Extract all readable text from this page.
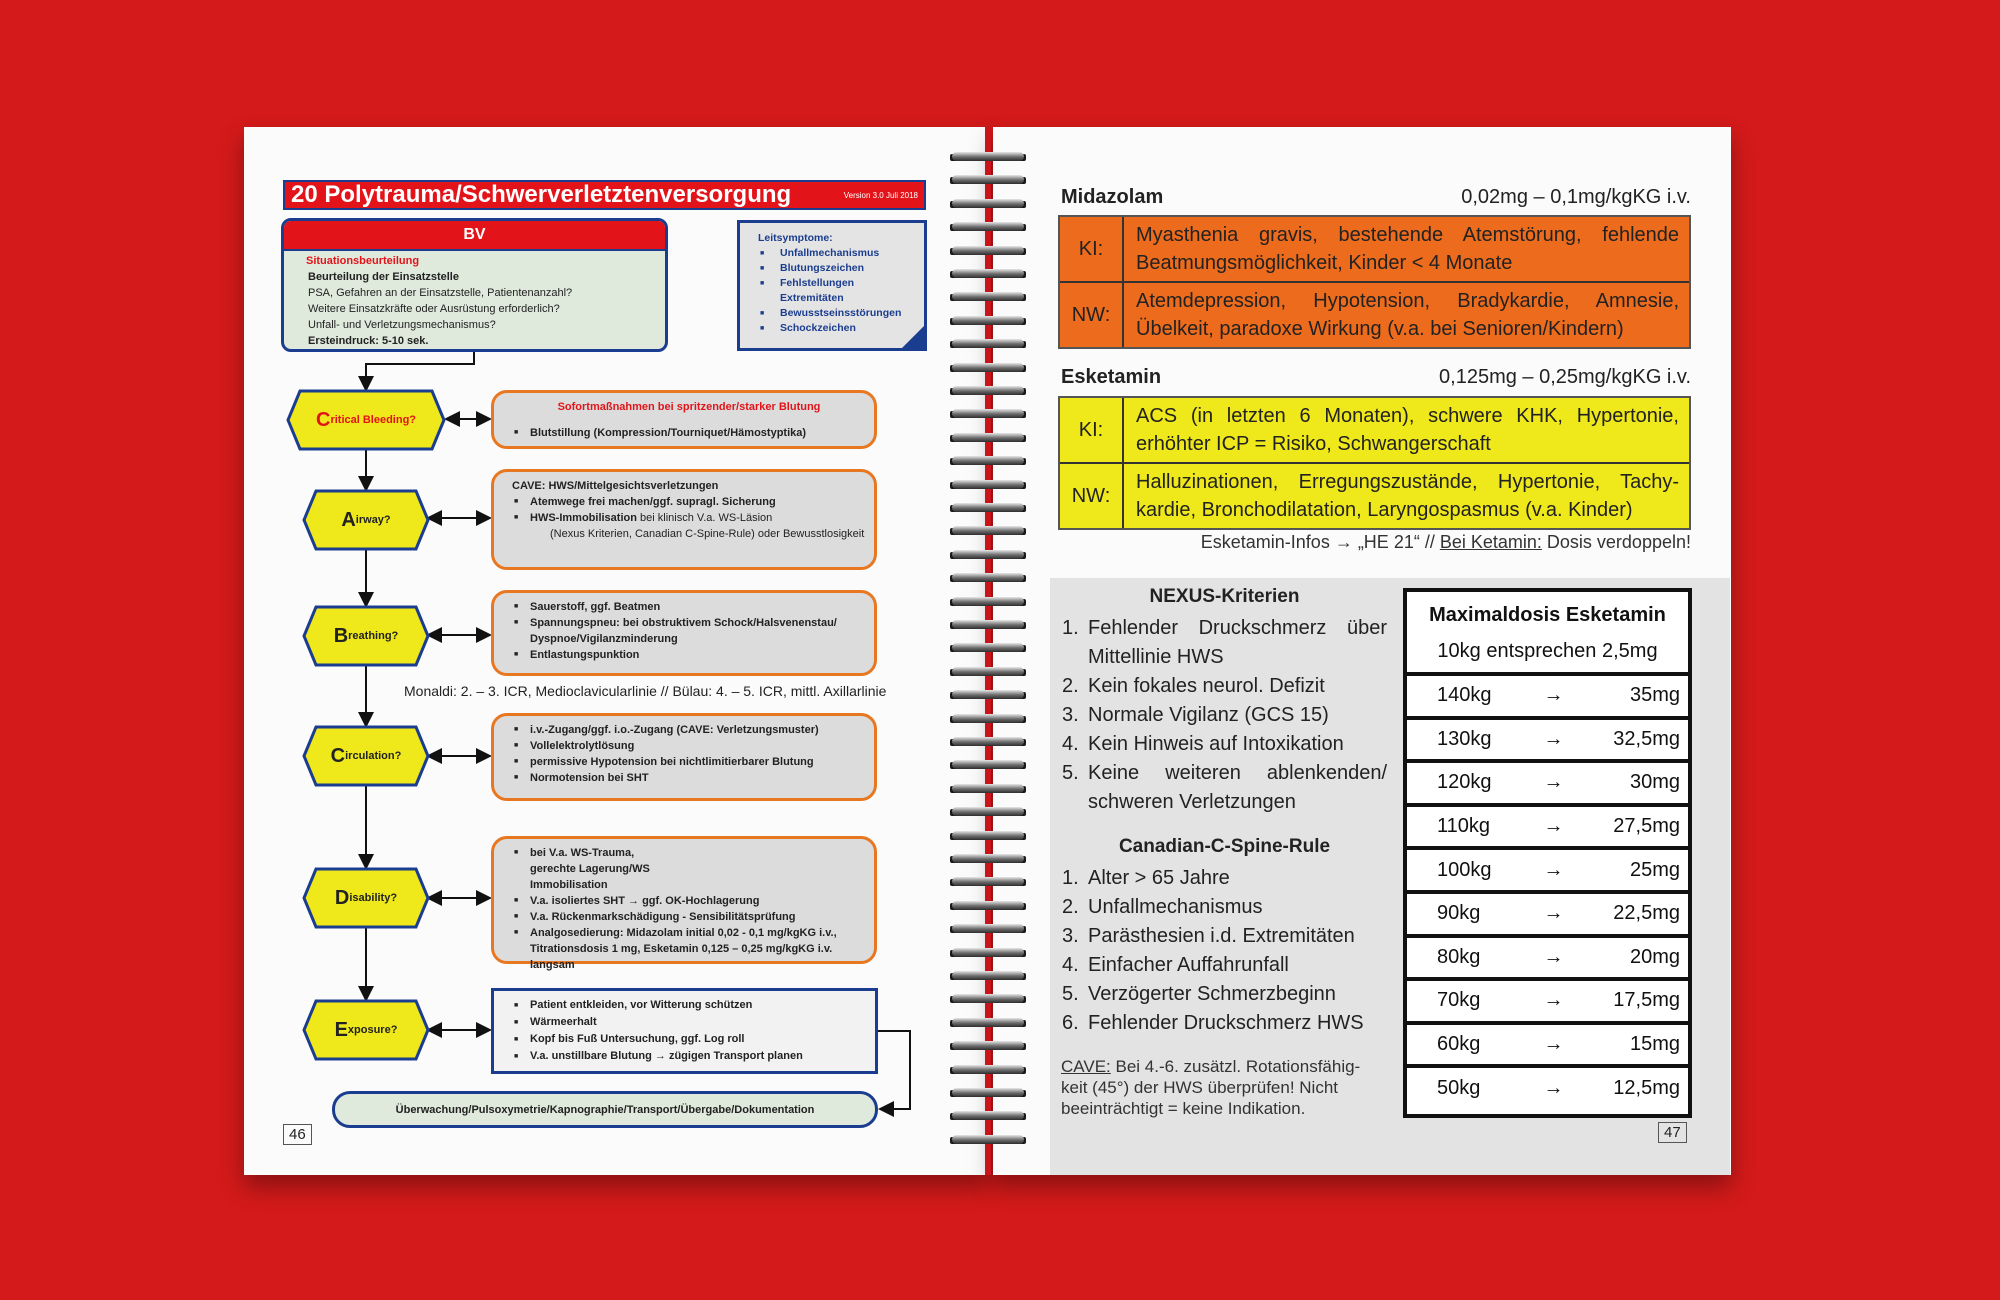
20 Polytrauma/Schwerverletztenversorgung	Version 3.0 Juli 2018
BV
Situationsbeurteilung
Beurteilung der Einsatzstelle
PSA, Gefahren an der Einsatzstelle, Patientenanzahl?
Weitere Einsatzkräfte oder Ausrüstung erforderlich?
Unfall- und Verletzungsmechanismus?
Ersteindruck: 5-10 sek.
Leitsymptome:
■ Unfallmechanismus
■ Blutungszeichen
■ Fehlstellungen Extremitäten
■ Bewusstseinsstörungen
■ Schockzeichen
C ritical Bleeding?
A irway?
B reathing?
C irculation?
D isability?
E xposure?
Sofortmaßnahmen bei spritzender/starker Blutung
■ Blutstillung (Kompression/Tourniquet/Hämostyptika)
CAVE: HWS/Mittelgesichtsverletzungen
■ Atemwege frei machen/ggf. supragl. Sicherung
■ HWS-Immobilisation bei klinisch V.a. WS-Läsion
(Nexus Kriterien, Canadian C-Spine-Rule) oder Bewusstlosigkeit
■ Sauerstoff, ggf. Beatmen
■ Spannungspneu: bei obstruktivem Schock/Halsvenenstau/ Dyspnoe/Vigilanzminderung
■ Entlastungspunktion
Monaldi: 2. – 3. ICR, Medioclavicularlinie // Bülau: 4. – 5. ICR, mittl. Axillarlinie
■ i.v.-Zugang/ggf. i.o.-Zugang (CAVE: Verletzungsmuster)
■ Vollelektrolytlösung
■ permissive Hypotension bei nichtlimitierbarer Blutung
■ Normotension bei SHT
■ bei V.a. WS-Trauma, gerechte Lagerung/WS Immobilisation
■ V.a. isoliertes SHT → ggf. OK-Hochlagerung
■ V.a. Rückenmarkschädigung - Sensibilitätsprüfung
■ Analgosedierung: Midazolam initial 0,02 - 0,1 mg/kgKG i.v., Titrationsdosis 1 mg, Esketamin 0,125 – 0,25 mg/kgKG i.v. langsam
■ Patient entkleiden, vor Witterung schützen
■ Wärmeerhalt
■ Kopf bis Fuß Untersuchung, ggf. Log roll
■ V.a. unstillbare Blutung → zügigen Transport planen
Überwachung/Pulsoxymetrie/Kapnographie/Transport/Übergabe/Dokumentation
46
Midazolam	0,02mg – 0,1mg/kgKG i.v.
KI:
Myasthenia gravis, bestehende Atemstörung, fehlende Beatmungsmöglichkeit, Kinder < 4 Monate
NW:
Atemdepression, Hypotension, Bradykardie, Amnesie, Übelkeit, paradoxe Wirkung (v.a. bei Senioren/Kindern)
Esketamin	0,125mg – 0,25mg/kgKG i.v.
KI:
ACS (in letzten 6 Monaten), schwere KHK, Hypertonie, erhöhter ICP = Risiko, Schwangerschaft
NW:
Halluzinationen, Erregungszustände, Hypertonie, Tachy-kardie, Bronchodilatation, Laryngospasmus (v.a. Kinder)
Esketamin-Infos → „HE 21“ // Bei Ketamin: Dosis verdoppeln!
NEXUS-Kriterien
1. Fehlender Druckschmerz über Mittellinie HWS
2. Kein fokales neurol. Defizit
3. Normale Vigilanz (GCS 15)
4. Kein Hinweis auf Intoxikation
5. Keine weiteren ablenkenden/ schweren Verletzungen
Canadian-C-Spine-Rule
1. Alter > 65 Jahre
2. Unfallmechanismus
3. Parästhesien i.d. Extremitäten
4. Einfacher Auffahrunfall
5. Verzögerter Schmerzbeginn
6. Fehlender Druckschmerz HWS
CAVE: Bei 4.-6. zusätzl. Rotationsfähig-keit (45°) der HWS überprüfen! Nicht beeinträchtigt = keine Indikation.
Maximaldosis Esketamin
10kg entsprechen 2,5mg
140kg	→	35mg
130kg	→	32,5mg
120kg	→	30mg
110kg	→	27,5mg
100kg	→	25mg
90kg	→	22,5mg
80kg	→	20mg
70kg	→	17,5mg
60kg	→	15mg
50kg	→	12,5mg
47
